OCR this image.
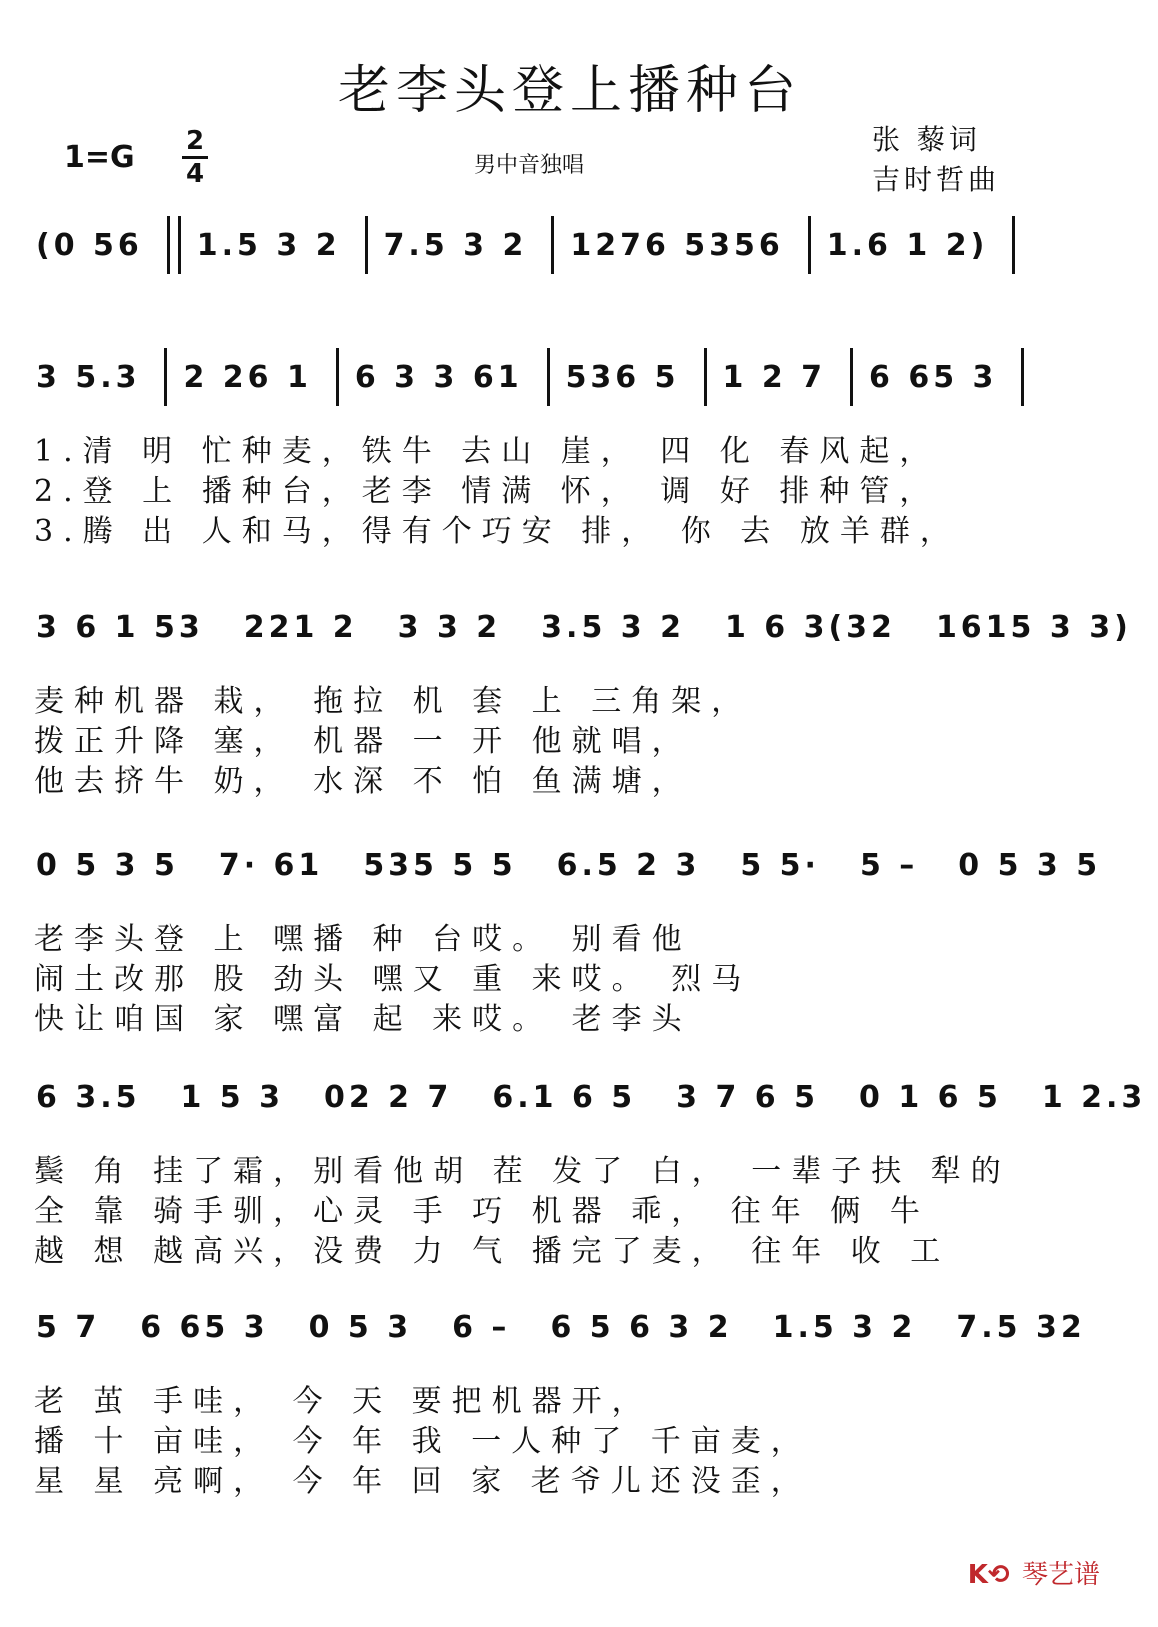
老李头登上播种台
1=G 2
4	男中音独唱
张 藜词
吉时哲曲
(0 56	1.5 3 2	7.5 3 2	1276 5356	1.6 1 2)
3 5.3	2 26 1	6 3 3 61	536 5	1 2 7	6 65 3
1.清 明 忙种麦，铁牛 去山 崖， 四 化 春风起，
2.登 上 播种台，老李 情满 怀， 调 好 排种管，
3.腾 出 人和马，得有个巧安 排， 你 去 放羊群，
3 6 1 53	221 2	3 3 2	3.5 3 2	1 6 3(32	1615 3 3)
麦种机器 栽， 拖拉 机 套 上 三角架，
拨正升降 塞， 机器 一 开 他就唱，
他去挤牛 奶， 水深 不 怕 鱼满塘，
0 5 3 5	7· 61	535 5 5	6.5 2 3	5 5·	5 –	0 5 3 5
老李头登 上 嘿播 种 台哎。 别看他
闹土改那 股 劲头 嘿又 重 来哎。 烈马
快让咱国 家 嘿富 起 来哎。 老李头
6 3.5	1 5 3	02 2 7	6.1 6 5	3 7 6 5	0 1 6 5	1 2.3
鬓 角 挂了霜，别看他胡 茬 发了 白， 一辈子扶 犁的
全 靠 骑手驯，心灵 手 巧 机器 乖， 往年 俩 牛
越 想 越高兴，没费 力 气 播完了麦， 往年 收 工
5 7	6 65 3	0 5 3	6 –	6 5 6 3 2	1.5 3 2	7.5 32
老 茧 手哇， 今 天 要把机器开，
播 十 亩哇， 今 年 我 一人种了 千亩麦，
星 星 亮啊， 今 年 回 家 老爷儿还没歪，
K⟲ 琴艺谱
